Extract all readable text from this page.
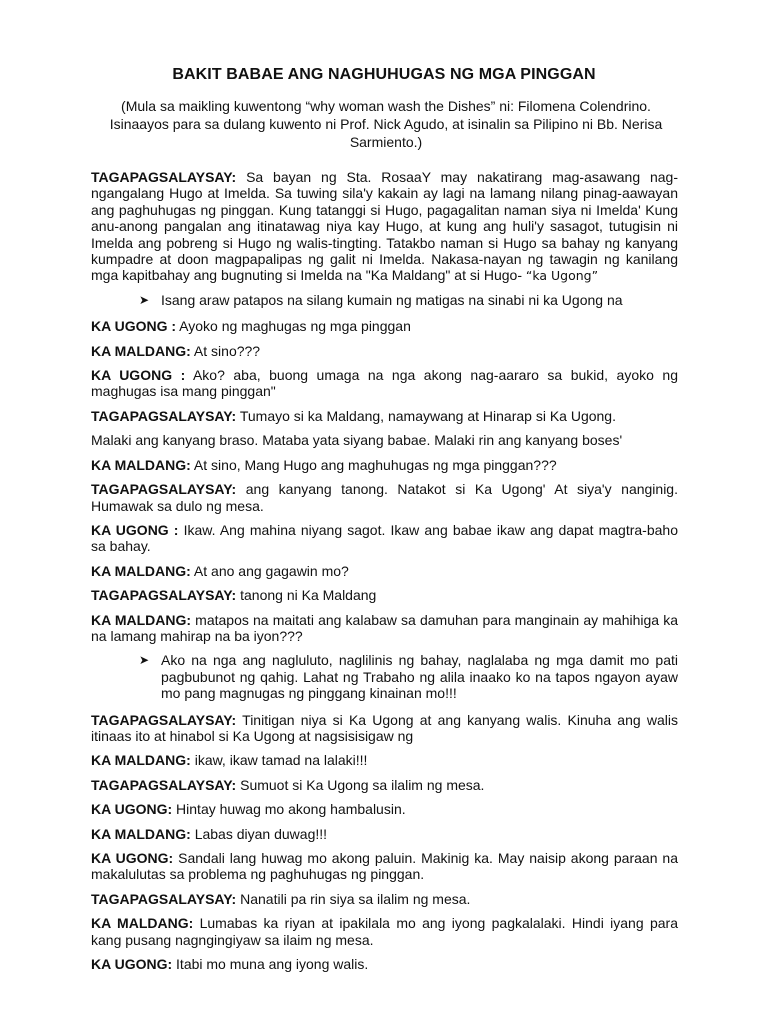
BAKIT BABAE ANG NAGHUHUGAS NG MGA PINGGAN
(Mula sa maikling kuwentong “why woman wash the Dishes” ni: Filomena Colendrino. Isinaayos para sa dulang kuwento ni Prof. Nick Agudo, at isinalin sa Pilipino ni Bb. Nerisa Sarmiento.)

TAGAPAGSALAYSAY: Sa bayan ng Sta. RosaaY may nakatirang mag-asawang nag-ngangalang Hugo at Imelda. Sa tuwing sila'y kakain ay lagi na lamang nilang pinag-aawayan ang paghuhugas ng pinggan. Kung tatanggi si Hugo, pagagalitan naman siya ni Imelda' Kung anu-anong pangalan ang itinatawag niya kay Hugo, at kung ang huli'y sasagot, tutugisin ni Imelda ang pobreng si Hugo ng walis-tingting. Tatakbo naman si Hugo sa bahay ng kanyang kumpadre at doon magpapalipas ng galit ni Imelda. Nakasa-nayan ng tawagin ng kanilang mga kapitbahay ang bugnuting si Imelda na "Ka Maldang" at si Hugo- “ka Ugong”

➤ Isang araw patapos na silang kumain ng matigas na sinabi ni ka Ugong na

KA UGONG : Ayoko ng maghugas ng mga pinggan

KA MALDANG: At sino???

KA UGONG : Ako? aba, buong umaga na nga akong nag-aararo sa bukid, ayoko ng maghugas isa mang pinggan"

TAGAPAGSALAYSAY: Tumayo si ka Maldang, namaywang at Hinarap si Ka Ugong.

Malaki ang kanyang braso. Mataba yata siyang babae. Malaki rin ang kanyang boses'

KA MALDANG: At sino, Mang Hugo ang maghuhugas ng mga pinggan???

TAGAPAGSALAYSAY: ang kanyang tanong. Natakot si Ka Ugong' At siya'y nanginig. Humawak sa dulo ng mesa.

KA UGONG : Ikaw. Ang mahina niyang sagot. Ikaw ang babae ikaw ang dapat magtra-baho sa bahay.

KA MALDANG: At ano ang gagawin mo?

TAGAPAGSALAYSAY: tanong ni Ka Maldang

KA MALDANG: matapos na maitati ang kalabaw sa damuhan para manginain ay mahihiga ka na lamang mahirap na ba iyon???

➤ Ako na nga ang nagluluto, naglilinis ng bahay, naglalaba ng mga damit mo pati pagbubunot ng qahig. Lahat ng Trabaho ng alila inaako ko na tapos ngayon ayaw mo pang magnugas ng pinggang kinainan mo!!!

TAGAPAGSALAYSAY: Tinitigan niya si Ka Ugong at ang kanyang walis. Kinuha ang walis itinaas ito at hinabol si Ka Ugong at nagsisisigaw ng

KA MALDANG: ikaw, ikaw tamad na lalaki!!!

TAGAPAGSALAYSAY: Sumuot si Ka Ugong sa ilalim ng mesa.

KA UGONG: Hintay huwag mo akong hambalusin.

KA MALDANG: Labas diyan duwag!!!

KA UGONG: Sandali lang huwag mo akong paluin. Makinig ka. May naisip akong paraan na makalulutas sa problema ng paghuhugas ng pinggan.

TAGAPAGSALAYSAY: Nanatili pa rin siya sa ilalim ng mesa.

KA MALDANG: Lumabas ka riyan at ipakilala mo ang iyong pagkalalaki. Hindi iyang para kang pusang nagngingiyaw sa ilaim ng mesa.

KA UGONG: Itabi mo muna ang iyong walis.
